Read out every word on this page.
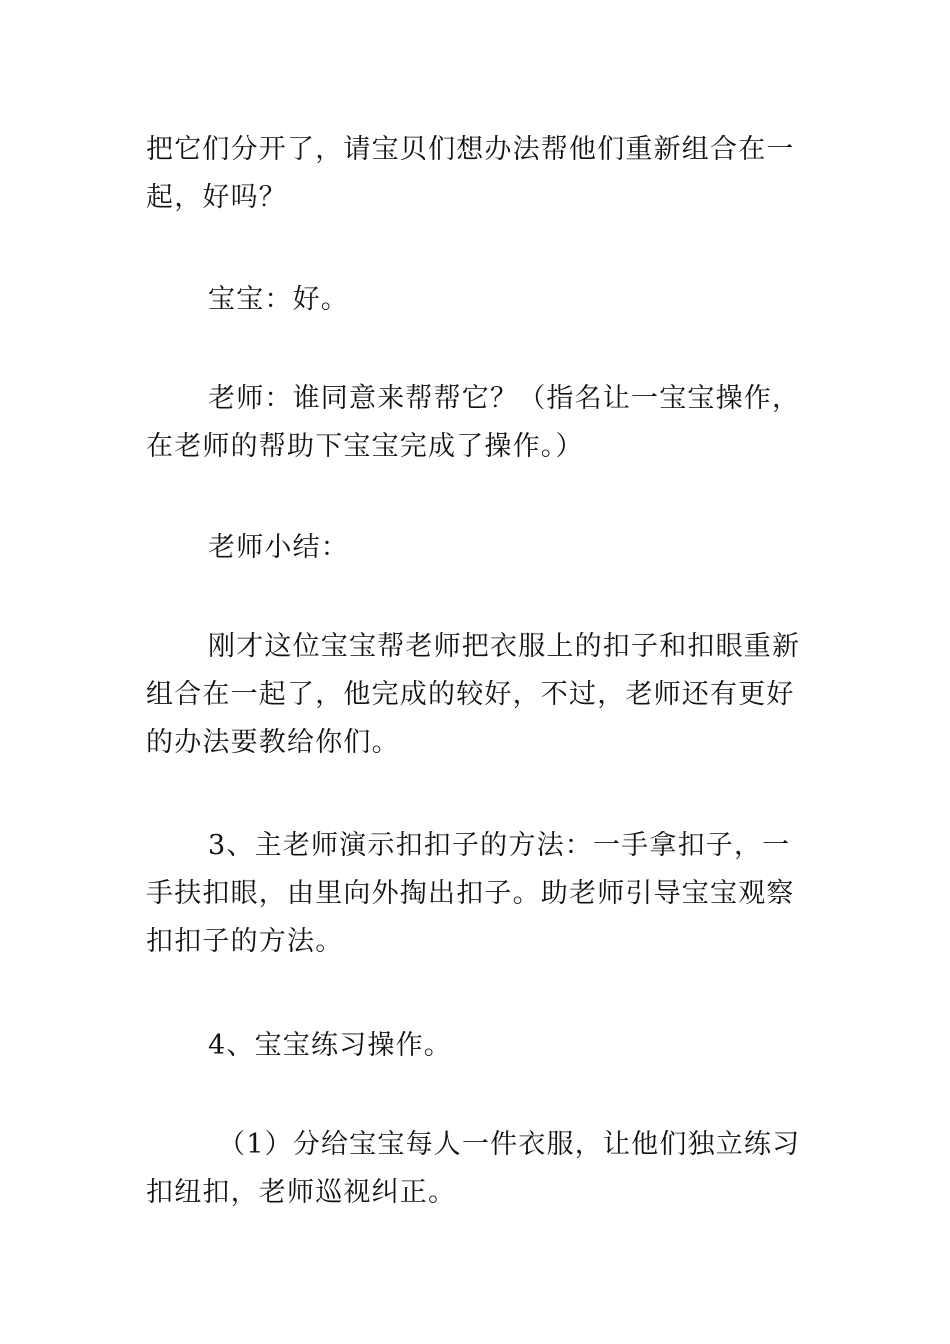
把它们分开了，请宝贝们想办法帮他们重新组合在一起，好吗？

宝宝：好。

老师：谁同意来帮帮它？（指名让一宝宝操作，在老师的帮助下宝宝完成了操作。）

老师小结：

刚才这位宝宝帮老师把衣服上的扣子和扣眼重新组合在一起了，他完成的较好，不过，老师还有更好的办法要教给你们。

3、主老师演示扣扣子的方法：一手拿扣子，一手扶扣眼，由里向外掏出扣子。助老师引导宝宝观察扣扣子的方法。

4、宝宝练习操作。

（1）分给宝宝每人一件衣服，让他们独立练习扣纽扣，老师巡视纠正。
